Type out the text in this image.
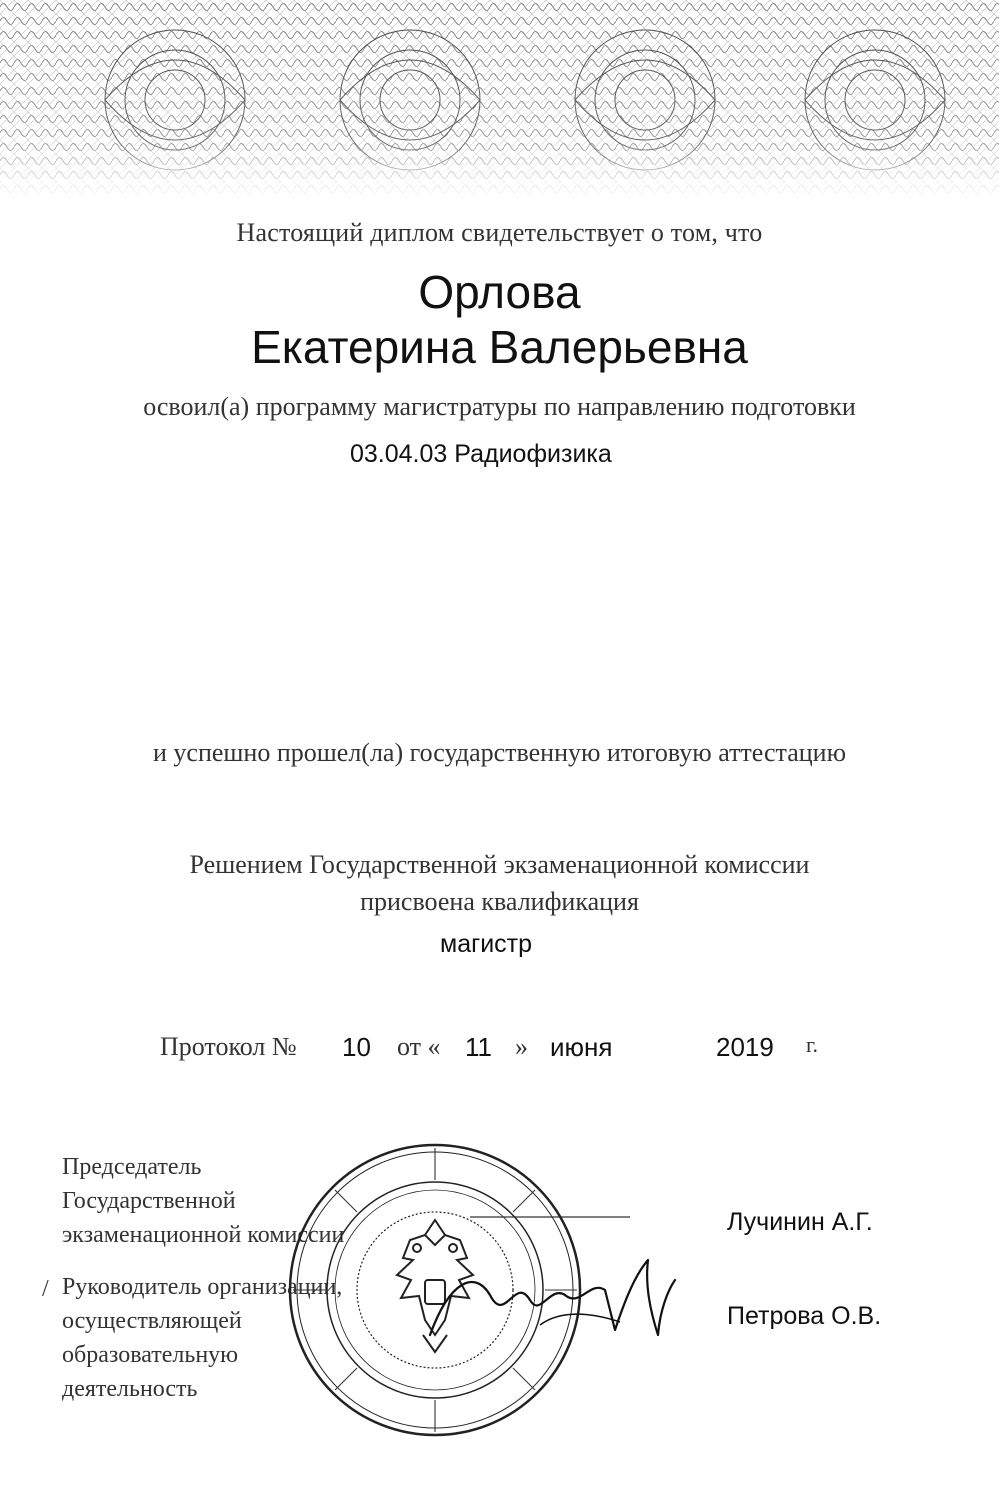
Настоящий диплом свидетельствует о том, что
Орлова
Екатерина Валерьевна
освоил(а) программу магистратуры по направлению подготовки
03.04.03 Радиофизика
и успешно прошел(ла) государственную итоговую аттестацию
Решением Государственной экзаменационной комиссии
присвоена квалификация
магистр
Протокол № 10 от « 11 » июня	2019 г.
Председатель
Государственной
экзаменационной комиссии	Лучинин А.Г.
/ Руководитель организации,
осуществляющей образовательную
деятельность
Петрова О.В.
